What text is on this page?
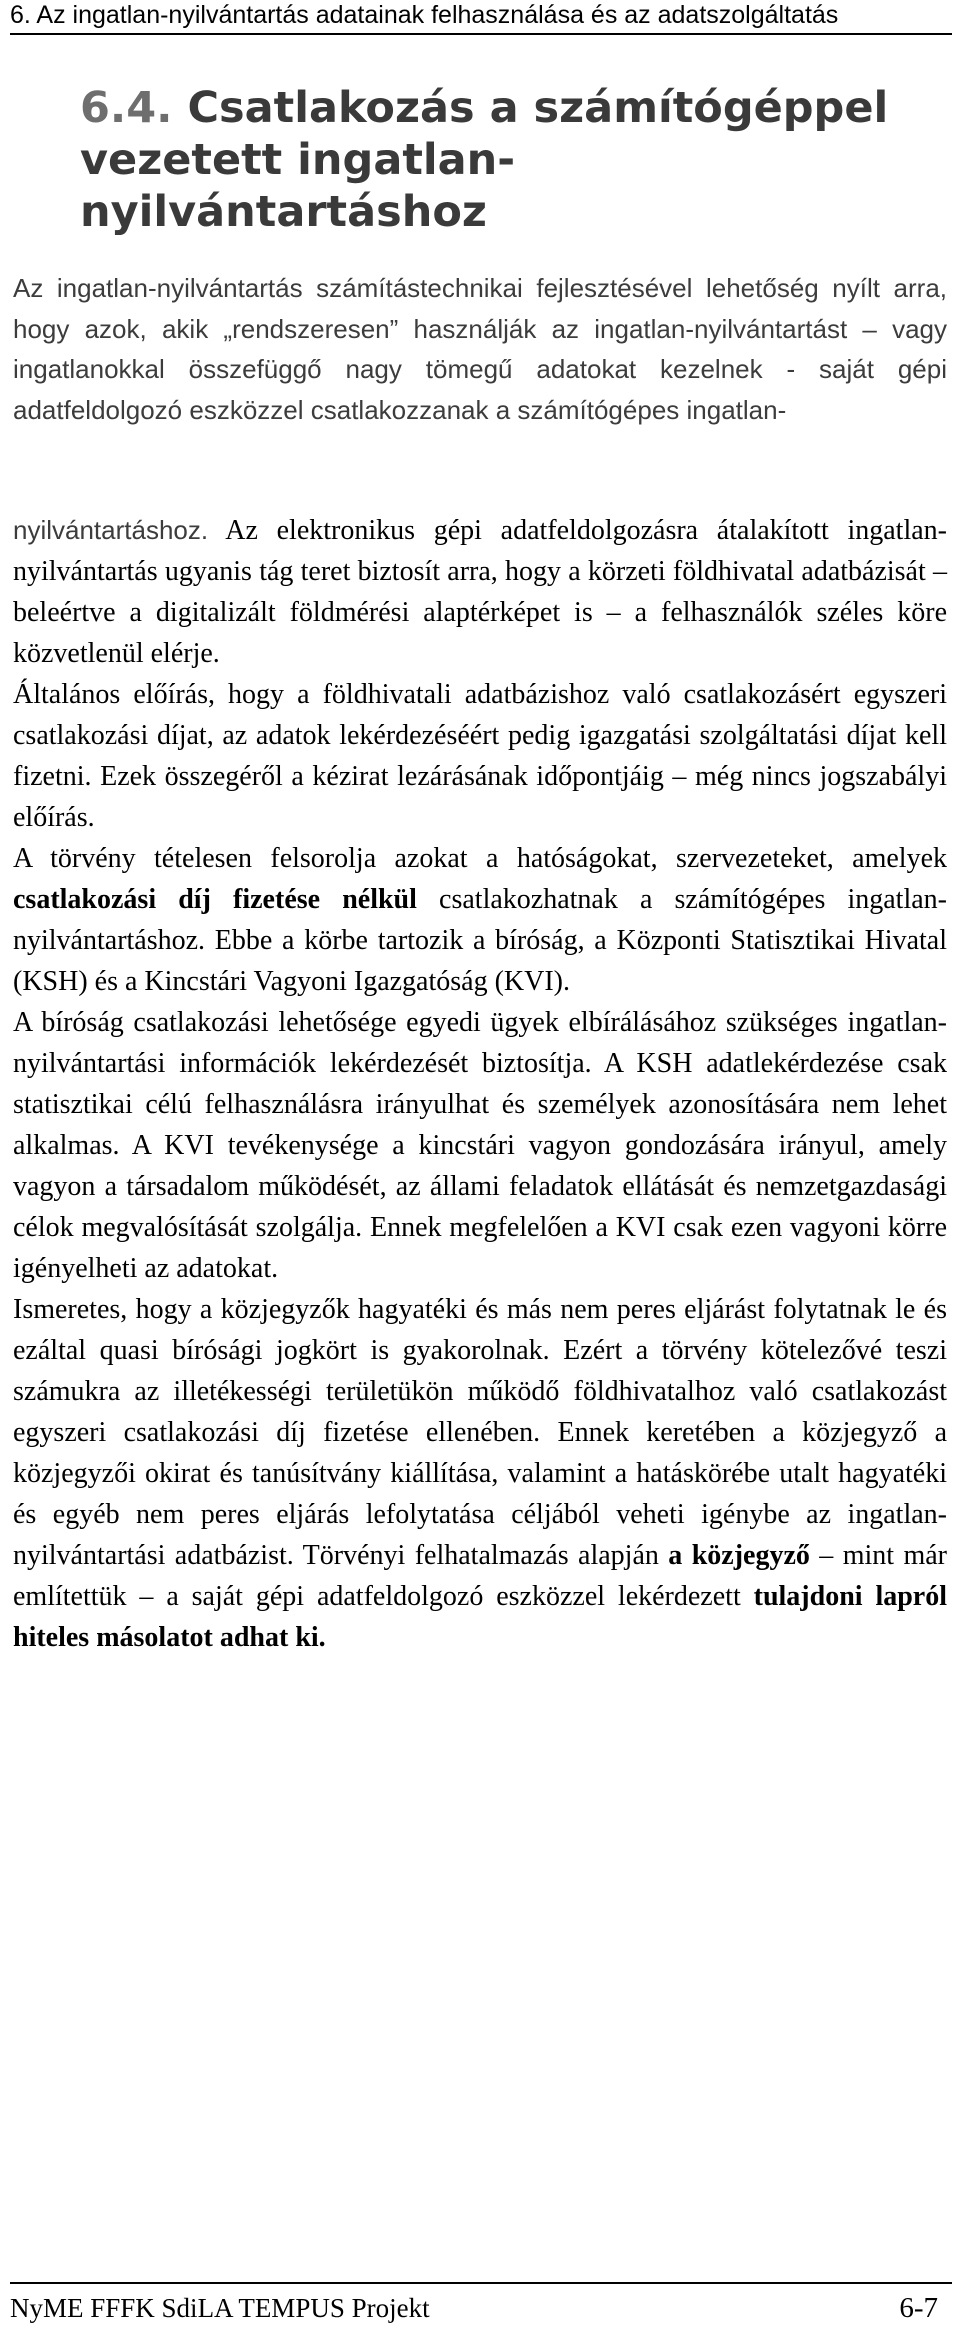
6. Az ingatlan-nyilvántartás adatainak felhasználása és az adatszolgáltatás
6.4. Csatlakozás a számítógéppel vezetett ingatlan-nyilvántartáshoz
Az ingatlan-nyilvántartás számítástechnikai fejlesztésével lehetőség nyílt arra, hogy azok, akik „rendszeresen” használják az ingatlan-nyilvántartást – vagy ingatlanokkal összefüggő nagy tömegű adatokat kezelnek - saját gépi adatfeldolgozó eszközzel csatlakozzanak a számítógépes ingatlan-

nyilvántartáshoz. Az elektronikus gépi adatfeldolgozásra átalakított ingatlan-nyilvántartás ugyanis tág teret biztosít arra, hogy a körzeti földhivatal adatbázisát – beleértve a digitalizált földmérési alaptérképet is – a felhasználók széles köre közvetlenül elérje.

Általános előírás, hogy a földhivatali adatbázishoz való csatlakozásért egyszeri csatlakozási díjat, az adatok lekérdezéséért pedig igazgatási szolgáltatási díjat kell fizetni. Ezek összegéről a kézirat lezárásának időpontjáig – még nincs jogszabályi előírás.

A törvény tételesen felsorolja azokat a hatóságokat, szervezeteket, amelyek csatlakozási díj fizetése nélkül csatlakozhatnak a számítógépes ingatlan-nyilvántartáshoz. Ebbe a körbe tartozik a bíróság, a Központi Statisztikai Hivatal (KSH) és a Kincstári Vagyoni Igazgatóság (KVI).

A bíróság csatlakozási lehetősége egyedi ügyek elbírálásához szükséges ingatlan-nyilvántartási információk lekérdezését biztosítja. A KSH adatlekérdezése csak statisztikai célú felhasználásra irányulhat és személyek azonosítására nem lehet alkalmas. A KVI tevékenysége a kincstári vagyon gondozására irányul, amely vagyon a társadalom működését, az állami feladatok ellátását és nemzetgazdasági célok megvalósítását szolgálja. Ennek megfelelően a KVI csak ezen vagyoni körre igényelheti az adatokat.

Ismeretes, hogy a közjegyzők hagyatéki és más nem peres eljárást folytatnak le és ezáltal quasi bírósági jogkört is gyakorolnak. Ezért a törvény kötelezővé teszi számukra az illetékességi területükön működő földhivatalhoz való csatlakozást egyszeri csatlakozási díj fizetése ellenében. Ennek keretében a közjegyző a közjegyzői okirat és tanúsítvány kiállítása, valamint a hatáskörébe utalt hagyatéki és egyéb nem peres eljárás lefolytatása céljából veheti igénybe az ingatlan-nyilvántartási adatbázist. Törvényi felhatalmazás alapján a közjegyző – mint már említettük – a saját gépi adatfeldolgozó eszközzel lekérdezett tulajdoni lapról hiteles másolatot adhat ki.

NyME FFFK SdiLA TEMPUS Projekt	6-7
